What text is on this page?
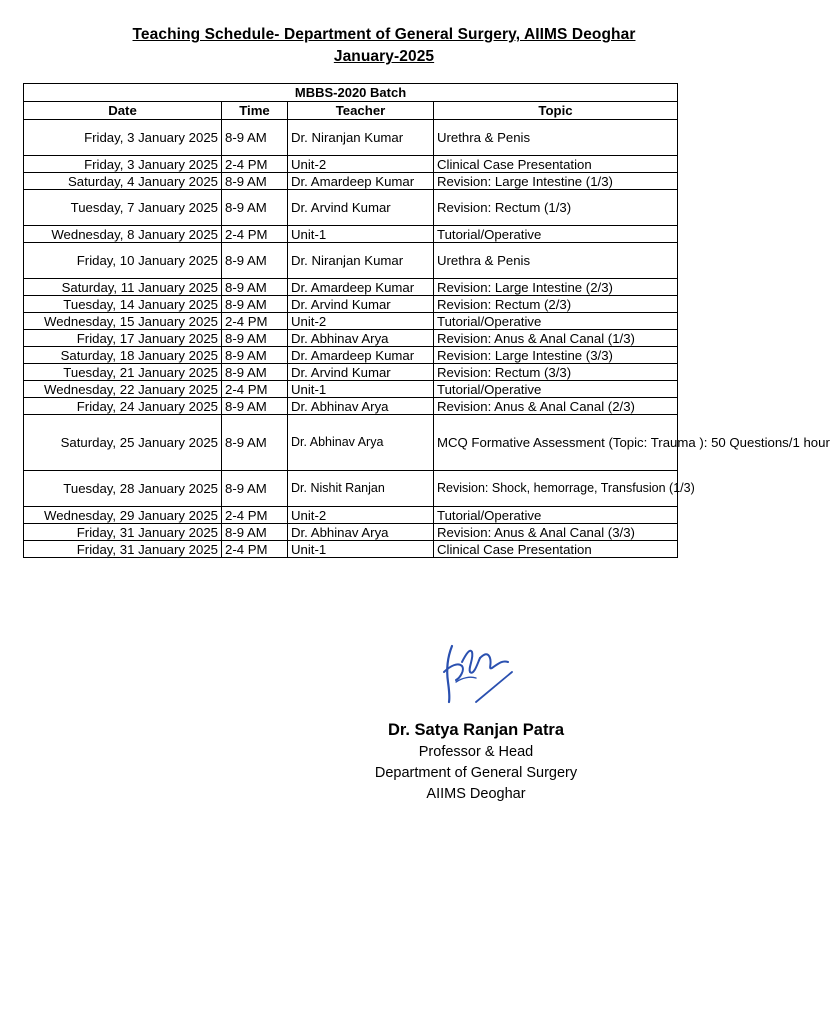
Teaching Schedule- Department of General Surgery, AIIMS Deoghar
January-2025
MBBS-2020 Batch			
Date	Time	Teacher	Topic
Friday, 3 January 2025	8-9 AM	Dr. Niranjan Kumar	Urethra & Penis
Friday, 3 January 2025	2-4 PM	Unit-2	Clinical Case Presentation
Saturday, 4 January 2025	8-9 AM	Dr. Amardeep Kumar	Revision: Large Intestine (1/3)
Tuesday, 7 January 2025	8-9 AM	Dr. Arvind Kumar	Revision: Rectum (1/3)
Wednesday, 8 January 2025	2-4 PM	Unit-1	Tutorial/Operative
Friday, 10 January 2025	8-9 AM	Dr. Niranjan Kumar	Urethra & Penis
Saturday, 11 January 2025	8-9 AM	Dr. Amardeep Kumar	Revision: Large Intestine (2/3)
Tuesday, 14 January 2025	8-9 AM	Dr. Arvind Kumar	Revision: Rectum (2/3)
Wednesday, 15 January 2025	2-4 PM	Unit-2	Tutorial/Operative
Friday, 17 January 2025	8-9 AM	Dr. Abhinav Arya	Revision: Anus & Anal Canal (1/3)
Saturday, 18 January 2025	8-9 AM	Dr. Amardeep Kumar	Revision: Large Intestine (3/3)
Tuesday, 21 January 2025	8-9 AM	Dr. Arvind Kumar	Revision: Rectum (3/3)
Wednesday, 22 January 2025	2-4 PM	Unit-1	Tutorial/Operative
Friday, 24 January 2025	8-9 AM	Dr. Abhinav Arya	Revision: Anus & Anal Canal (2/3)
Saturday, 25 January 2025	8-9 AM	Dr. Abhinav Arya	MCQ Formative Assessment (Topic: Trauma ): 50 Questions/1 hour
Tuesday, 28 January 2025	8-9 AM	Dr. Nishit Ranjan	Revision: Shock, hemorrage, Transfusion (1/3)
Wednesday, 29 January 2025	2-4 PM	Unit-2	Tutorial/Operative
Friday, 31 January 2025	8-9 AM	Dr. Abhinav Arya	Revision: Anus & Anal Canal (3/3)
Friday, 31 January 2025	2-4 PM	Unit-1	Clinical Case Presentation
Dr. Satya Ranjan Patra
Professor & Head
Department of General Surgery
AIIMS Deoghar
